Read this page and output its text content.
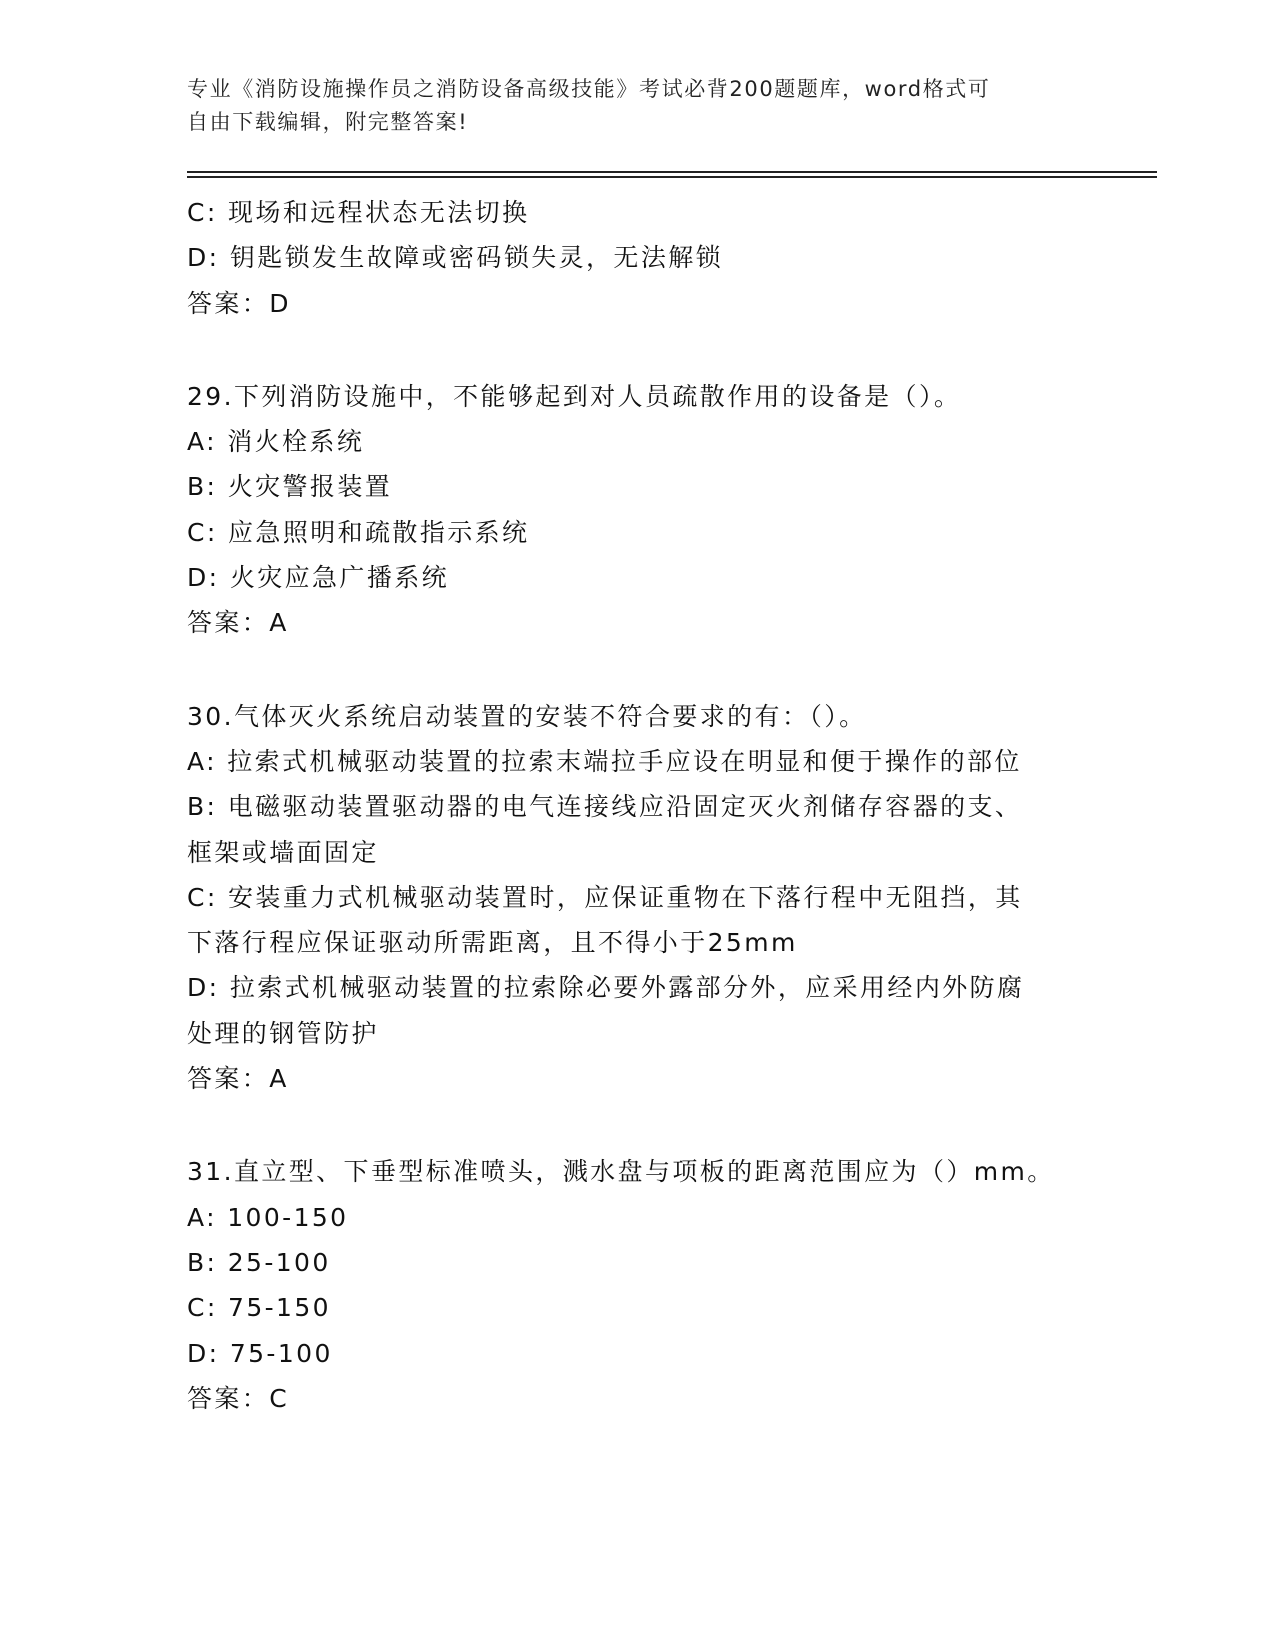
专业《消防设施操作员之消防设备高级技能》考试必背200题题库，word格式可
自由下载编辑，附完整答案!
C: 现场和远程状态无法切换
D: 钥匙锁发生故障或密码锁失灵，无法解锁
答案：D
29.下列消防设施中，不能够起到对人员疏散作用的设备是（）。
A: 消火栓系统
B: 火灾警报装置
C: 应急照明和疏散指示系统
D: 火灾应急广播系统
答案：A
30.气体灭火系统启动装置的安装不符合要求的有：（）。
A: 拉索式机械驱动装置的拉索末端拉手应设在明显和便于操作的部位
B: 电磁驱动装置驱动器的电气连接线应沿固定灭火剂储存容器的支、
框架或墙面固定
C: 安装重力式机械驱动装置时，应保证重物在下落行程中无阻挡，其
下落行程应保证驱动所需距离，且不得小于25mm
D: 拉索式机械驱动装置的拉索除必要外露部分外，应采用经内外防腐
处理的钢管防护
答案：A
31.直立型、下垂型标准喷头，溅水盘与项板的距离范围应为（）mm。
A: 100-150
B: 25-100
C: 75-150
D: 75-100
答案：C
